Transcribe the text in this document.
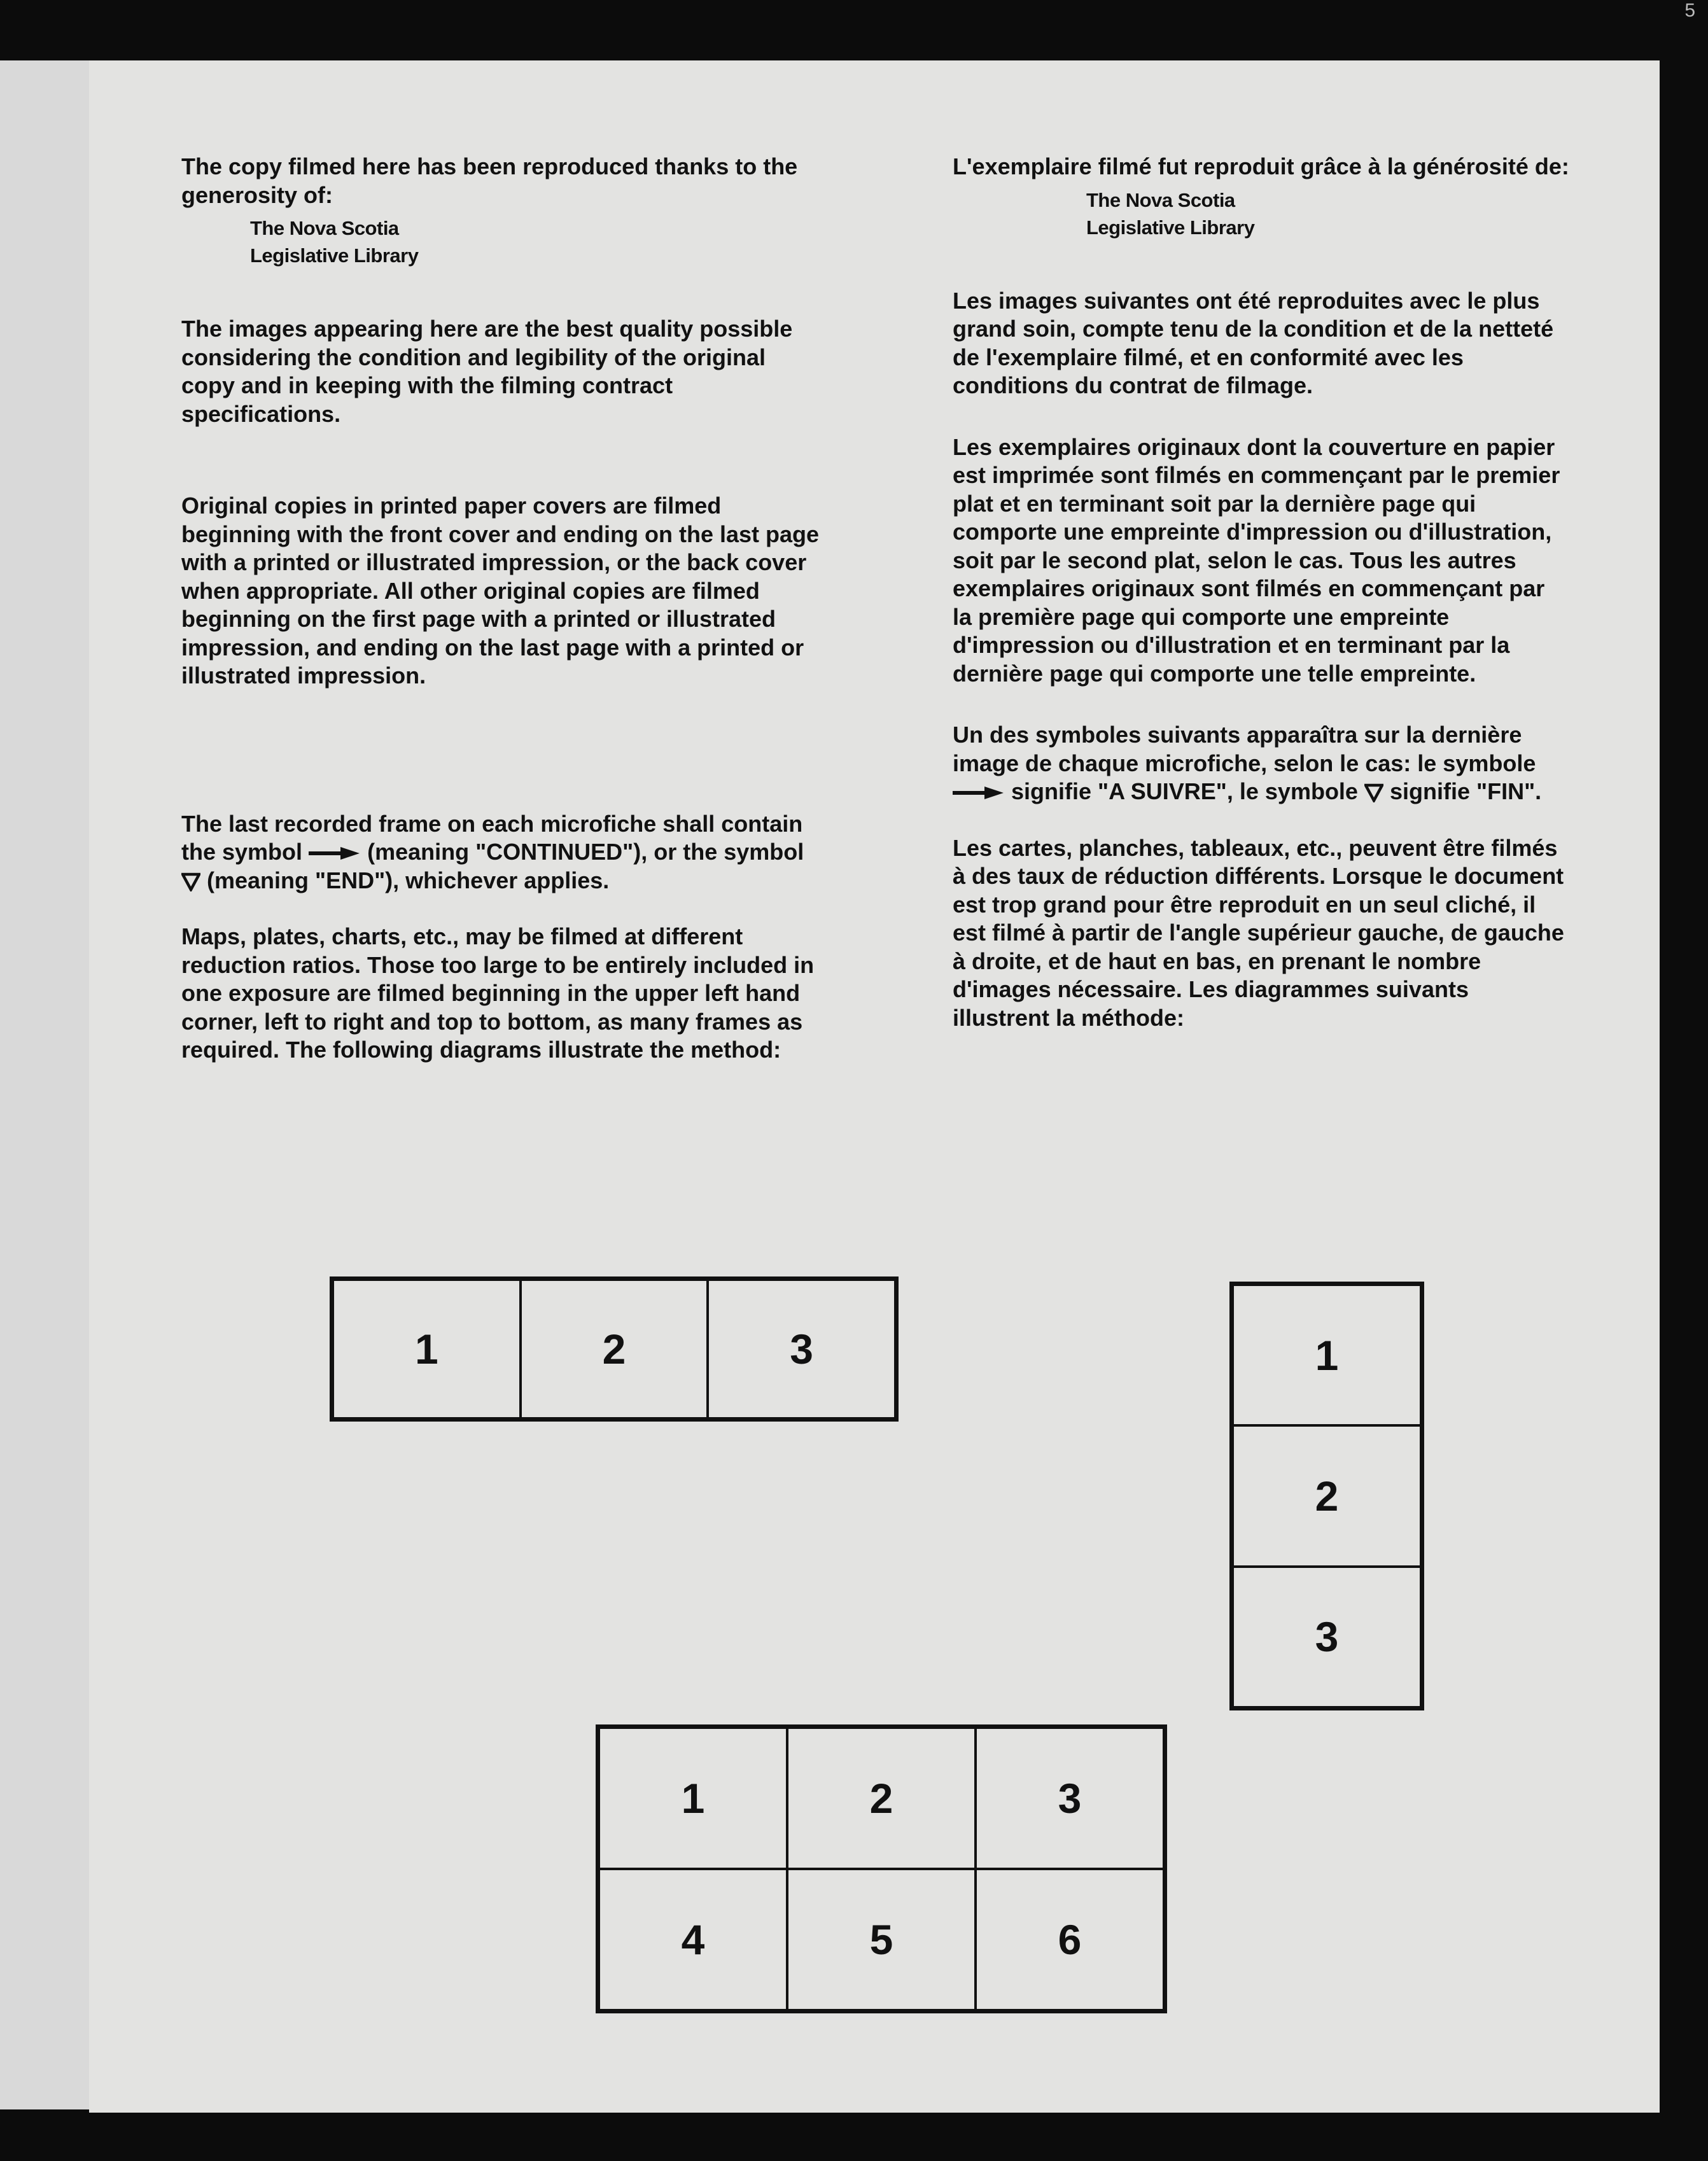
5

The copy filmed here has been reproduced thanks to the generosity of:

The Nova Scotia

Legislative Library

The images appearing here are the best quality possible considering the condition and legibility of the original copy and in keeping with the filming contract specifications.

Original copies in printed paper covers are filmed beginning with the front cover and ending on the last page with a printed or illustrated impression, or the back cover when appropriate. All other original copies are filmed beginning on the first page with a printed or illustrated impression, and ending on the last page with a printed or illustrated impression.

The last recorded frame on each microfiche shall contain the symbol	(meaning "CONTINUED"), or the symbol  (meaning "END"), whichever applies.

Maps, plates, charts, etc., may be filmed at different reduction ratios. Those too large to be entirely included in one exposure are filmed beginning in the upper left hand corner, left to right and top to bottom, as many frames as required. The following diagrams illustrate the method:

L'exemplaire filmé fut reproduit grâce à la générosité de:

The Nova Scotia

Legislative Library

Les images suivantes ont été reproduites avec le plus grand soin, compte tenu de la condition et de la netteté de l'exemplaire filmé, et en conformité avec les conditions du contrat de filmage.

Les exemplaires originaux dont la couverture en papier est imprimée sont filmés en commençant par le premier plat et en terminant soit par la dernière page qui comporte une empreinte d'impression ou d'illustration, soit par le second plat, selon le cas. Tous les autres exemplaires originaux sont filmés en commençant par la première page qui comporte une empreinte d'impression ou d'illustration et en terminant par la dernière page qui comporte une telle empreinte.

Un des symboles suivants apparaîtra sur la dernière image de chaque microfiche, selon le cas: le symbole  signifie "A SUIVRE", le symbole signifie "FIN".

Les cartes, planches, tableaux, etc., peuvent être filmés à des taux de réduction différents. Lorsque le document est trop grand pour être reproduit en un seul cliché, il est filmé à partir de l'angle supérieur gauche, de gauche à droite, et de haut en bas, en prenant le nombre d'images nécessaire. Les diagrammes suivants illustrent la méthode:

1	2	3	1
2
3
1	2	3
4	5	6
